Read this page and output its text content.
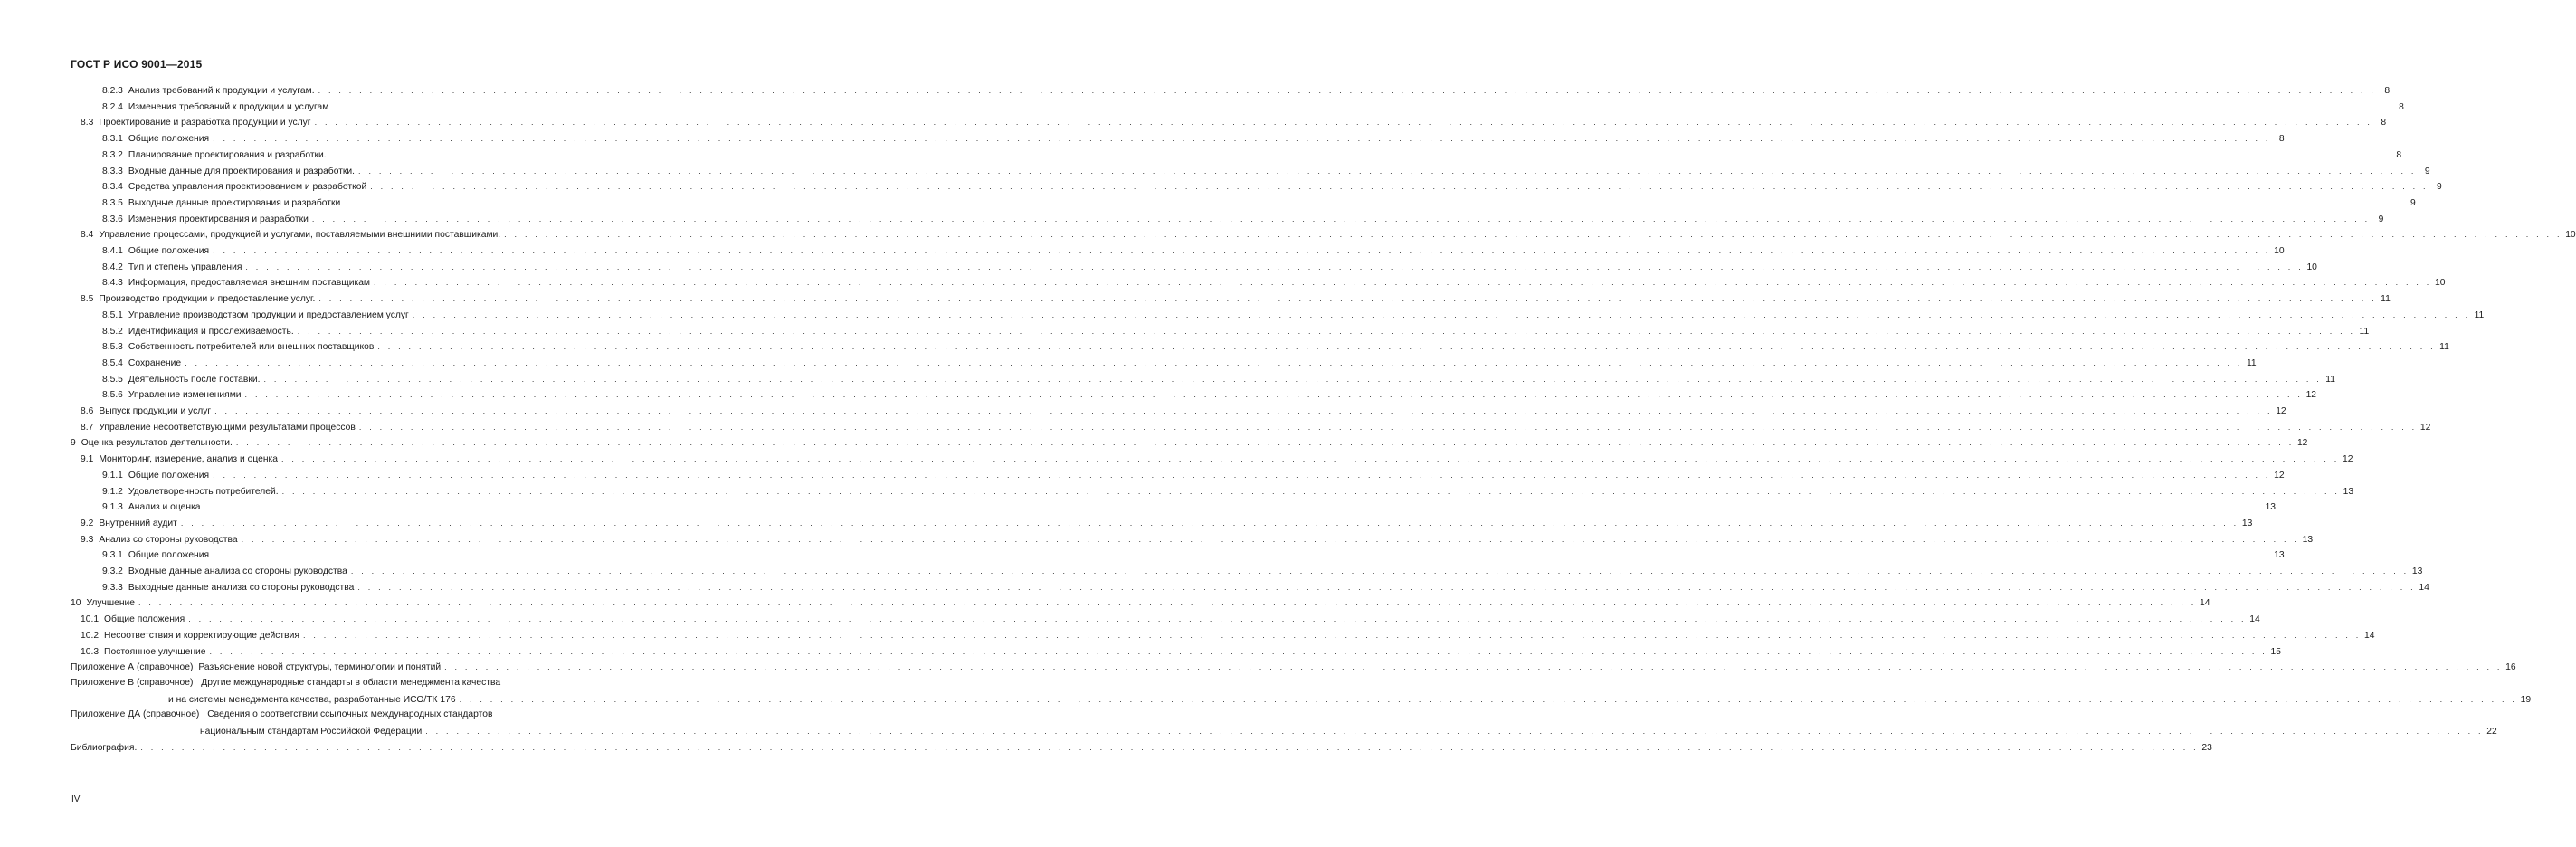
ГОСТ Р ИСО 9001—2015
8.2.3 Анализ требований к продукции и услугам. . . . . . . . . . . . . . . . . . . . . . . . . . . . . . . . . . . . . . . . . . . . . . . . . . . . . . . . . . . . . . . . . . . . . . . . . . . . . . . . . . . . . . . . . . . . . . . . . . . . . . . . . . . . . . . . . . . . . . . . . . . . . . . . . . . . . . . . . . . . . . . . . . . . . . . . . . . . . . . . . . . . . . . . . . . . . . . . . . . . . . . . . . . . . . . . . . . . . . . . . 8
8.2.4 Изменения требований к продукции и услугам . . . . . . . . . . . . . . . . . . . . . . . . . . . . . . . . . . . . . . . . . . . . . . . . . . . . . . . . . . . . . . . . . . . . . . . . . . . . . . . . . . . . . . . . . . . . . . . . . . . . . . . . . . . . . . . . . . . . . . . . . . . . . . . . . . . . . . . . . . . . . . . . . . . . . . . . . . . . . . . . . . . . . . . . . . . . . . . . . . . . . . . . . . . . . . . . . . . . . . . . 8
8.3 Проектирование и разработка продукции и услуг . . . . . . . . . . . . . . . . . . . . . . . . . . . . . . . . . . . . . . . . . . . . . . . . . . . . . . . . . . . . . . . . . . . . . . . . . . . . . . . . . . . . . . . . . . . . . . . . . . . . . . . . . . . . . . . . . . . . . . . . . . . . . . . . . . . . . . . . . . . . . . . . . . . . . . . . . . . . . . . . . . . . . . . . . . . . . . . . . . . . . . . . . . . . . . . . . . . . . . . . 8
8.3.1 Общие положения . . . . . . . . . . . . . . . . . . . . . . . . . . . . . . . . . . . . . . . . . . . . . . . . . . . . . . . . . . . . . . . . . . . . . . . . . . . . . . . . . . . . . . . . . . . . . . . . . . . . . . . . . . . . . . . . . . . . . . . . . . . . . . . . . . . . . . . . . . . . . . . . . . . . . . . . . . . . . . . . . . . . . . . . . . . . . . . . . . . . . . . . . . . . . . . . . . . . . . . . 8
8.3.2 Планирование проектирования и разработки. . . . . . . . . . . . . . . . . . . . . . . . . . . . . . . . . . . . . . . . . . . . . . . . . . . . . . . . . . . . . . . . . . . . . . . . . . . . . . . . . . . . . . . . . . . . . . . . . . . . . . . . . . . . . . . . . . . . . . . . . . . . . . . . . . . . . . . . . . . . . . . . . . . . . . . . . . . . . . . . . . . . . . . . . . . . . . . . . . . . . . . . . . . . . . . . . . . . . . . . . 8
8.3.3 Входные данные для проектирования и разработки. . . . . . . . . . . . . . . . . . . . . . . . . . . . . . . . . . . . . . . . . . . . . . . . . . . . . . . . . . . . . . . . . . . . . . . . . . . . . . . . . . . . . . . . . . . . . . . . . . . . . . . . . . . . . . . . . . . . . . . . . . . . . . . . . . . . . . . . . . . . . . . . . . . . . . . . . . . . . . . . . . . . . . . . . . . . . . . . . . . . . . . . . . . . . . . . . . . . . . . . . 9
8.3.4 Средства управления проектированием и разработкой . . . . . . . . . . . . . . . . . . . . . . . . . . . . . . . . . . . . . . . . . . . . . . . . . . . . . . . . . . . . . . . . . . . . . . . . . . . . . . . . . . . . . . . . . . . . . . . . . . . . . . . . . . . . . . . . . . . . . . . . . . . . . . . . . . . . . . . . . . . . . . . . . . . . . . . . . . . . . . . . . . . . . . . . . . . . . . . . . . . . . . . . . . . . . . . . . . . . . . . . 9
8.3.5 Выходные данные проектирования и разработки . . . . . . . . . . . . . . . . . . . . . . . . . . . . . . . . . . . . . . . . . . . . . . . . . . . . . . . . . . . . . . . . . . . . . . . . . . . . . . . . . . . . . . . . . . . . . . . . . . . . . . . . . . . . . . . . . . . . . . . . . . . . . . . . . . . . . . . . . . . . . . . . . . . . . . . . . . . . . . . . . . . . . . . . . . . . . . . . . . . . . . . . . . . . . . . . . . . . . . . . 9
8.3.6 Изменения проектирования и разработки . . . . . . . . . . . . . . . . . . . . . . . . . . . . . . . . . . . . . . . . . . . . . . . . . . . . . . . . . . . . . . . . . . . . . . . . . . . . . . . . . . . . . . . . . . . . . . . . . . . . . . . . . . . . . . . . . . . . . . . . . . . . . . . . . . . . . . . . . . . . . . . . . . . . . . . . . . . . . . . . . . . . . . . . . . . . . . . . . . . . . . . . . . . . . . . . . . . . . . . . 9
8.4 Управление процессами, продукцией и услугами, поставляемыми внешними поставщиками. . . . . . . . . . . . . . . . . . . . . . . . . . . . . . . . . . . . . . . . . . . . . . . . . . . . . . . . . . . . . . . . . . . . . . . . . . . . . . . . . . . . . . . . . . . . . . . . . . . . . . . . . . . . . . . . . . . . . . . . . . . . . . . . . . . . . . . . . . . . . . . . . . . . . . . . . . . . . . . . . . . . . . . . . . . . . . . . . . . . . . . . . . . . . . . . . . . . . . . . . 10
8.4.1 Общие положения . . . . . . . . . . . . . . . . . . . . . . . . . . . . . . . . . . . . . . . . . . . . . . . . . . . . . . . . . . . . . . . . . . . . . . . . . . . . . . . . . . . . . . . . . . . . . . . . . . . . . . . . . . . . . . . . . . . . . . . . . . . . . . . . . . . . . . . . . . . . . . . . . . . . . . . . . . . . . . . . . . . . . . . . . . . . . . . . . . . . . . . . . . . . . . . . . . . . . . . . 10
8.4.2 Тип и степень управления . . . . . . . . . . . . . . . . . . . . . . . . . . . . . . . . . . . . . . . . . . . . . . . . . . . . . . . . . . . . . . . . . . . . . . . . . . . . . . . . . . . . . . . . . . . . . . . . . . . . . . . . . . . . . . . . . . . . . . . . . . . . . . . . . . . . . . . . . . . . . . . . . . . . . . . . . . . . . . . . . . . . . . . . . . . . . . . . . . . . . . . . . . . . . . . . . . . . . . . . 10
8.4.3 Информация, предоставляемая внешним поставщикам . . . . . . . . . . . . . . . . . . . . . . . . . . . . . . . . . . . . . . . . . . . . . . . . . . . . . . . . . . . . . . . . . . . . . . . . . . . . . . . . . . . . . . . . . . . . . . . . . . . . . . . . . . . . . . . . . . . . . . . . . . . . . . . . . . . . . . . . . . . . . . . . . . . . . . . . . . . . . . . . . . . . . . . . . . . . . . . . . . . . . . . . . . . . . . . . . . . . . . . . 10
8.5 Производство продукции и предоставление услуг. . . . . . . . . . . . . . . . . . . . . . . . . . . . . . . . . . . . . . . . . . . . . . . . . . . . . . . . . . . . . . . . . . . . . . . . . . . . . . . . . . . . . . . . . . . . . . . . . . . . . . . . . . . . . . . . . . . . . . . . . . . . . . . . . . . . . . . . . . . . . . . . . . . . . . . . . . . . . . . . . . . . . . . . . . . . . . . . . . . . . . . . . . . . . . . . . . . . . . . . . 11
8.5.1 Управление производством продукции и предоставлением услуг . . . . . . . . . . . . . . . . . . . . . . . . . . . . . . . . . . . . . . . . . . . . . . . . . . . . . . . . . . . . . . . . . . . . . . . . . . . . . . . . . . . . . . . . . . . . . . . . . . . . . . . . . . . . . . . . . . . . . . . . . . . . . . . . . . . . . . . . . . . . . . . . . . . . . . . . . . . . . . . . . . . . . . . . . . . . . . . . . . . . . . . . . . . . . . . . . . . . . . . . 11
8.5.2 Идентификация и прослеживаемость. . . . . . . . . . . . . . . . . . . . . . . . . . . . . . . . . . . . . . . . . . . . . . . . . . . . . . . . . . . . . . . . . . . . . . . . . . . . . . . . . . . . . . . . . . . . . . . . . . . . . . . . . . . . . . . . . . . . . . . . . . . . . . . . . . . . . . . . . . . . . . . . . . . . . . . . . . . . . . . . . . . . . . . . . . . . . . . . . . . . . . . . . . . . . . . . . . . . . . . . . 11
8.5.3 Собственность потребителей или внешних поставщиков . . . . . . . . . . . . . . . . . . . . . . . . . . . . . . . . . . . . . . . . . . . . . . . . . . . . . . . . . . . . . . . . . . . . . . . . . . . . . . . . . . . . . . . . . . . . . . . . . . . . . . . . . . . . . . . . . . . . . . . . . . . . . . . . . . . . . . . . . . . . . . . . . . . . . . . . . . . . . . . . . . . . . . . . . . . . . . . . . . . . . . . . . . . . . . . . . . . . . . . . 11
8.5.4 Сохранение . . . . . . . . . . . . . . . . . . . . . . . . . . . . . . . . . . . . . . . . . . . . . . . . . . . . . . . . . . . . . . . . . . . . . . . . . . . . . . . . . . . . . . . . . . . . . . . . . . . . . . . . . . . . . . . . . . . . . . . . . . . . . . . . . . . . . . . . . . . . . . . . . . . . . . . . . . . . . . . . . . . . . . . . . . . . . . . . . . . . . . . . . . . . . . . . . . . . . . . . 11
8.5.5 Деятельность после поставки. . . . . . . . . . . . . . . . . . . . . . . . . . . . . . . . . . . . . . . . . . . . . . . . . . . . . . . . . . . . . . . . . . . . . . . . . . . . . . . . . . . . . . . . . . . . . . . . . . . . . . . . . . . . . . . . . . . . . . . . . . . . . . . . . . . . . . . . . . . . . . . . . . . . . . . . . . . . . . . . . . . . . . . . . . . . . . . . . . . . . . . . . . . . . . . . . . . . . . . . . 11
8.5.6 Управление изменениями . . . . . . . . . . . . . . . . . . . . . . . . . . . . . . . . . . . . . . . . . . . . . . . . . . . . . . . . . . . . . . . . . . . . . . . . . . . . . . . . . . . . . . . . . . . . . . . . . . . . . . . . . . . . . . . . . . . . . . . . . . . . . . . . . . . . . . . . . . . . . . . . . . . . . . . . . . . . . . . . . . . . . . . . . . . . . . . . . . . . . . . . . . . . . . . . . . . . . . . . 12
8.6 Выпуск продукции и услуг . . . . . . . . . . . . . . . . . . . . . . . . . . . . . . . . . . . . . . . . . . . . . . . . . . . . . . . . . . . . . . . . . . . . . . . . . . . . . . . . . . . . . . . . . . . . . . . . . . . . . . . . . . . . . . . . . . . . . . . . . . . . . . . . . . . . . . . . . . . . . . . . . . . . . . . . . . . . . . . . . . . . . . . . . . . . . . . . . . . . . . . . . . . . . . . . . . . . . . . . 12
8.7 Управление несоответствующими результатами процессов . . . . . . . . . . . . . . . . . . . . . . . . . . . . . . . . . . . . . . . . . . . . . . . . . . . . . . . . . . . . . . . . . . . . . . . . . . . . . . . . . . . . . . . . . . . . . . . . . . . . . . . . . . . . . . . . . . . . . . . . . . . . . . . . . . . . . . . . . . . . . . . . . . . . . . . . . . . . . . . . . . . . . . . . . . . . . . . . . . . . . . . . . . . . . . . . . . . . . . . . 12
9 Оценка результатов деятельности. . . . . . . . . . . . . . . . . . . . . . . . . . . . . . . . . . . . . . . . . . . . . . . . . . . . . . . . . . . . . . . . . . . . . . . . . . . . . . . . . . . . . . . . . . . . . . . . . . . . . . . . . . . . . . . . . . . . . . . . . . . . . . . . . . . . . . . . . . . . . . . . . . . . . . . . . . . . . . . . . . . . . . . . . . . . . . . . . . . . . . . . . . . . . . . . . . . . . . . . . 12
9.1 Мониторинг, измерение, анализ и оценка . . . . . . . . . . . . . . . . . . . . . . . . . . . . . . . . . . . . . . . . . . . . . . . . . . . . . . . . . . . . . . . . . . . . . . . . . . . . . . . . . . . . . . . . . . . . . . . . . . . . . . . . . . . . . . . . . . . . . . . . . . . . . . . . . . . . . . . . . . . . . . . . . . . . . . . . . . . . . . . . . . . . . . . . . . . . . . . . . . . . . . . . . . . . . . . . . . . . . . . . 12
9.1.1 Общие положения . . . . . . . . . . . . . . . . . . . . . . . . . . . . . . . . . . . . . . . . . . . . . . . . . . . . . . . . . . . . . . . . . . . . . . . . . . . . . . . . . . . . . . . . . . . . . . . . . . . . . . . . . . . . . . . . . . . . . . . . . . . . . . . . . . . . . . . . . . . . . . . . . . . . . . . . . . . . . . . . . . . . . . . . . . . . . . . . . . . . . . . . . . . . . . . . . . . . . . . . 12
9.1.2 Удовлетворенность потребителей. . . . . . . . . . . . . . . . . . . . . . . . . . . . . . . . . . . . . . . . . . . . . . . . . . . . . . . . . . . . . . . . . . . . . . . . . . . . . . . . . . . . . . . . . . . . . . . . . . . . . . . . . . . . . . . . . . . . . . . . . . . . . . . . . . . . . . . . . . . . . . . . . . . . . . . . . . . . . . . . . . . . . . . . . . . . . . . . . . . . . . . . . . . . . . . . . . . . . . . . . 13
9.1.3 Анализ и оценка . . . . . . . . . . . . . . . . . . . . . . . . . . . . . . . . . . . . . . . . . . . . . . . . . . . . . . . . . . . . . . . . . . . . . . . . . . . . . . . . . . . . . . . . . . . . . . . . . . . . . . . . . . . . . . . . . . . . . . . . . . . . . . . . . . . . . . . . . . . . . . . . . . . . . . . . . . . . . . . . . . . . . . . . . . . . . . . . . . . . . . . . . . . . . . . . . . . . . . . . 13
9.2 Внутренний аудит . . . . . . . . . . . . . . . . . . . . . . . . . . . . . . . . . . . . . . . . . . . . . . . . . . . . . . . . . . . . . . . . . . . . . . . . . . . . . . . . . . . . . . . . . . . . . . . . . . . . . . . . . . . . . . . . . . . . . . . . . . . . . . . . . . . . . . . . . . . . . . . . . . . . . . . . . . . . . . . . . . . . . . . . . . . . . . . . . . . . . . . . . . . . . . . . . . . . . . . . 13
9.3 Анализ со стороны руководства . . . . . . . . . . . . . . . . . . . . . . . . . . . . . . . . . . . . . . . . . . . . . . . . . . . . . . . . . . . . . . . . . . . . . . . . . . . . . . . . . . . . . . . . . . . . . . . . . . . . . . . . . . . . . . . . . . . . . . . . . . . . . . . . . . . . . . . . . . . . . . . . . . . . . . . . . . . . . . . . . . . . . . . . . . . . . . . . . . . . . . . . . . . . . . . . . . . . . . . . 13
9.3.1 Общие положения . . . . . . . . . . . . . . . . . . . . . . . . . . . . . . . . . . . . . . . . . . . . . . . . . . . . . . . . . . . . . . . . . . . . . . . . . . . . . . . . . . . . . . . . . . . . . . . . . . . . . . . . . . . . . . . . . . . . . . . . . . . . . . . . . . . . . . . . . . . . . . . . . . . . . . . . . . . . . . . . . . . . . . . . . . . . . . . . . . . . . . . . . . . . . . . . . . . . . . . . 13
9.3.2 Входные данные анализа со стороны руководства . . . . . . . . . . . . . . . . . . . . . . . . . . . . . . . . . . . . . . . . . . . . . . . . . . . . . . . . . . . . . . . . . . . . . . . . . . . . . . . . . . . . . . . . . . . . . . . . . . . . . . . . . . . . . . . . . . . . . . . . . . . . . . . . . . . . . . . . . . . . . . . . . . . . . . . . . . . . . . . . . . . . . . . . . . . . . . . . . . . . . . . . . . . . . . . . . . . . . . . . 13
9.3.3 Выходные данные анализа со стороны руководства . . . . . . . . . . . . . . . . . . . . . . . . . . . . . . . . . . . . . . . . . . . . . . . . . . . . . . . . . . . . . . . . . . . . . . . . . . . . . . . . . . . . . . . . . . . . . . . . . . . . . . . . . . . . . . . . . . . . . . . . . . . . . . . . . . . . . . . . . . . . . . . . . . . . . . . . . . . . . . . . . . . . . . . . . . . . . . . . . . . . . . . . . . . . . . . . . . . . . . . . 14
10 Улучшение . . . . . . . . . . . . . . . . . . . . . . . . . . . . . . . . . . . . . . . . . . . . . . . . . . . . . . . . . . . . . . . . . . . . . . . . . . . . . . . . . . . . . . . . . . . . . . . . . . . . . . . . . . . . . . . . . . . . . . . . . . . . . . . . . . . . . . . . . . . . . . . . . . . . . . . . . . . . . . . . . . . . . . . . . . . . . . . . . . . . . . . . . . . . . . . . . . . . . . . . 14
10.1 Общие положения . . . . . . . . . . . . . . . . . . . . . . . . . . . . . . . . . . . . . . . . . . . . . . . . . . . . . . . . . . . . . . . . . . . . . . . . . . . . . . . . . . . . . . . . . . . . . . . . . . . . . . . . . . . . . . . . . . . . . . . . . . . . . . . . . . . . . . . . . . . . . . . . . . . . . . . . . . . . . . . . . . . . . . . . . . . . . . . . . . . . . . . . . . . . . . . . . . . . . . . . 14
10.2 Несоответствия и корректирующие действия . . . . . . . . . . . . . . . . . . . . . . . . . . . . . . . . . . . . . . . . . . . . . . . . . . . . . . . . . . . . . . . . . . . . . . . . . . . . . . . . . . . . . . . . . . . . . . . . . . . . . . . . . . . . . . . . . . . . . . . . . . . . . . . . . . . . . . . . . . . . . . . . . . . . . . . . . . . . . . . . . . . . . . . . . . . . . . . . . . . . . . . . . . . . . . . . . . . . . . . . 14
10.3 Постоянное улучшение . . . . . . . . . . . . . . . . . . . . . . . . . . . . . . . . . . . . . . . . . . . . . . . . . . . . . . . . . . . . . . . . . . . . . . . . . . . . . . . . . . . . . . . . . . . . . . . . . . . . . . . . . . . . . . . . . . . . . . . . . . . . . . . . . . . . . . . . . . . . . . . . . . . . . . . . . . . . . . . . . . . . . . . . . . . . . . . . . . . . . . . . . . . . . . . . . . . . . . . . 15
Приложение А (справочное) Разъяснение новой структуры, терминологии и понятий . . . . . . . . . . . . . . . . . . . . . . . . . . . . . . . . . . . . . . . . . . . . . . . . . . . . . . . . . . . . . . . . . . . . . . . . . . . . . . . . . . . . . . . . . . . . . . . . . . . . . . . . . . . . . . . . . . . . . . . . . . . . . . . . . . . . . . . . . . . . . . . . . . . . . . . . . . . . . . . . . . . . . . . . . . . . . . . . . . . . . . . . . . . . . . . . . . . . . . . . 16
Приложение В (справочное) Другие международные стандарты в области менеджмента качества
и на системы менеджмента качества, разработанные ИСО/ТК 176 . . . . . . . . . . . . . . . . . . . . . . . . . . . . . . . . . . . . . . . . . . . . . . . . . . . . . . . . . . . . . . . . . . . . . . . . . . . . . . . . . . . . . . . . . . . . . . . . . . . . . . . . . . . . . . . . . . . . . . . . . . . . . . . . . . . . . . . . . . . . . . . . . . . . . . . . . . . . . . . . . . . . . . . . . . . . . . . . . . . . . . . . . . . . . . . . . . . . . . . . 19
Приложение ДА (справочное) Сведения о соответствии ссылочных международных стандартов
национальным стандартам Российской Федерации . . . . . . . . . . . . . . . . . . . . . . . . . . . . . . . . . . . . . . . . . . . . . . . . . . . . . . . . . . . . . . . . . . . . . . . . . . . . . . . . . . . . . . . . . . . . . . . . . . . . . . . . . . . . . . . . . . . . . . . . . . . . . . . . . . . . . . . . . . . . . . . . . . . . . . . . . . . . . . . . . . . . . . . . . . . . . . . . . . . . . . . . . . . . . . . . . . . . . . . . 22
Библиография. . . . . . . . . . . . . . . . . . . . . . . . . . . . . . . . . . . . . . . . . . . . . . . . . . . . . . . . . . . . . . . . . . . . . . . . . . . . . . . . . . . . . . . . . . . . . . . . . . . . . . . . . . . . . . . . . . . . . . . . . . . . . . . . . . . . . . . . . . . . . . . . . . . . . . . . . . . . . . . . . . . . . . . . . . . . . . . . . . . . . . . . . . . . . . . . . . . . . . . . . 23
IV
